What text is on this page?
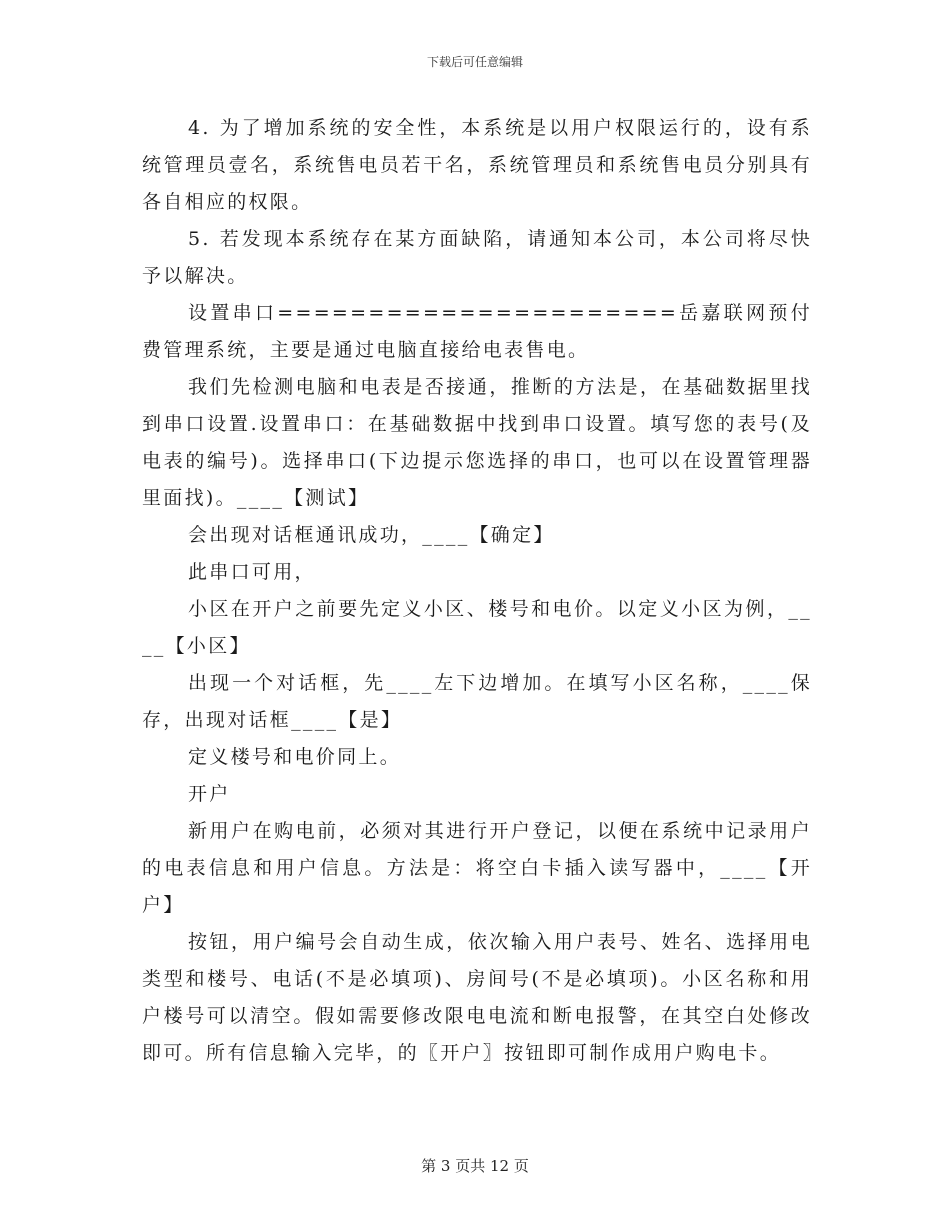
下载后可任意编辑

4. 为了增加系统的安全性，本系统是以用户权限运行的，设有系统管理员壹名，系统售电员若干名，系统管理员和系统售电员分别具有各自相应的权限。

5. 若发现本系统存在某方面缺陷，请通知本公司，本公司将尽快予以解决。

设置串口======================岳嘉联网预付费管理系统，主要是通过电脑直接给电表售电。

我们先检测电脑和电表是否接通，推断的方法是，在基础数据里找到串口设置.设置串口：在基础数据中找到串口设置。填写您的表号(及电表的编号)。选择串口(下边提示您选择的串口，也可以在设置管理器里面找)。____【测试】

会出现对话框通讯成功，____【确定】

此串口可用，

小区在开户之前要先定义小区、楼号和电价。以定义小区为例，____【小区】

出现一个对话框，先____左下边增加。在填写小区名称，____保存，出现对话框____【是】

定义楼号和电价同上。

开户

新用户在购电前，必须对其进行开户登记，以便在系统中记录用户的电表信息和用户信息。方法是：将空白卡插入读写器中，____【开户】

按钮，用户编号会自动生成，依次输入用户表号、姓名、选择用电类型和楼号、电话(不是必填项)、房间号(不是必填项)。小区名称和用户楼号可以清空。假如需要修改限电电流和断电报警，在其空白处修改即可。所有信息输入完毕，的〖开户〗按钮即可制作成用户购电卡。

第 3 页共 12 页
